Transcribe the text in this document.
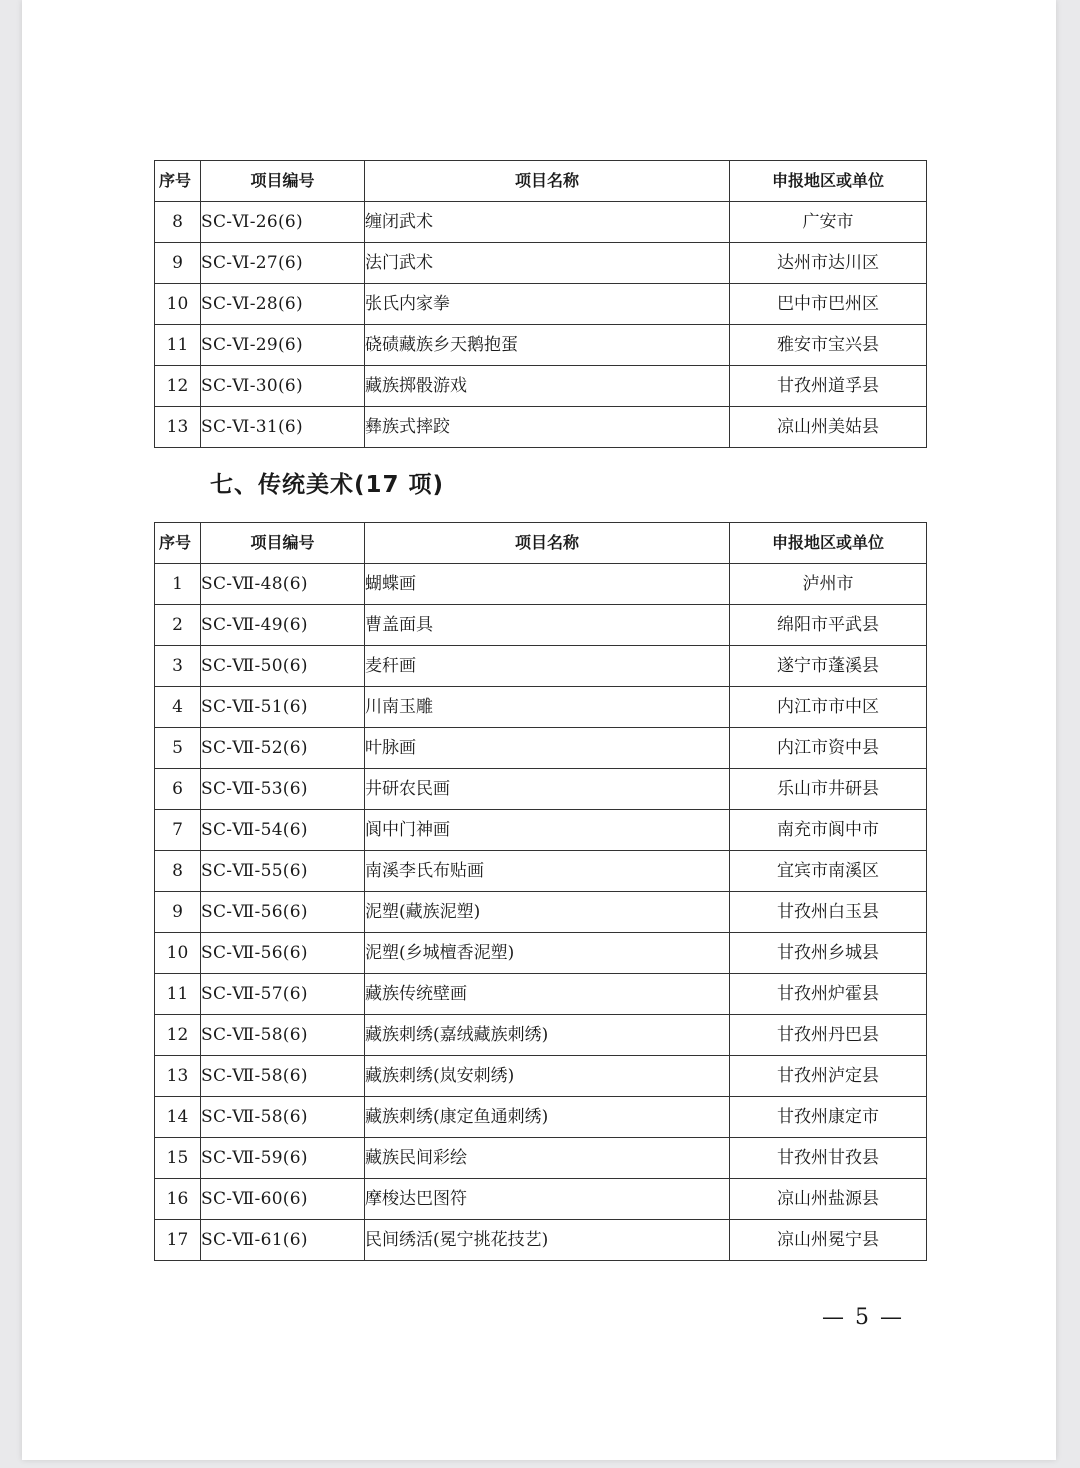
序号	项目编号	项目名称	申报地区或单位
8	SC-Ⅵ-26(6)	缠闭武术	广安市
9	SC-Ⅵ-27(6)	法门武术	达州市达川区
10	SC-Ⅵ-28(6)	张氏内家拳	巴中市巴州区
11	SC-Ⅵ-29(6)	硗碛藏族乡天鹅抱蛋	雅安市宝兴县
12	SC-Ⅵ-30(6)	藏族掷骰游戏	甘孜州道孚县
13	SC-Ⅵ-31(6)	彝族式摔跤	凉山州美姑县
七、传统美术(17 项)
序号	项目编号	项目名称	申报地区或单位
1	SC-Ⅶ-48(6)	蝴蝶画	泸州市
2	SC-Ⅶ-49(6)	曹盖面具	绵阳市平武县
3	SC-Ⅶ-50(6)	麦秆画	遂宁市蓬溪县
4	SC-Ⅶ-51(6)	川南玉雕	内江市市中区
5	SC-Ⅶ-52(6)	叶脉画	内江市资中县
6	SC-Ⅶ-53(6)	井研农民画	乐山市井研县
7	SC-Ⅶ-54(6)	阆中门神画	南充市阆中市
8	SC-Ⅶ-55(6)	南溪李氏布贴画	宜宾市南溪区
9	SC-Ⅶ-56(6)	泥塑(藏族泥塑)	甘孜州白玉县
10	SC-Ⅶ-56(6)	泥塑(乡城檀香泥塑)	甘孜州乡城县
11	SC-Ⅶ-57(6)	藏族传统壁画	甘孜州炉霍县
12	SC-Ⅶ-58(6)	藏族刺绣(嘉绒藏族刺绣)	甘孜州丹巴县
13	SC-Ⅶ-58(6)	藏族刺绣(岚安刺绣)	甘孜州泸定县
14	SC-Ⅶ-58(6)	藏族刺绣(康定鱼通刺绣)	甘孜州康定市
15	SC-Ⅶ-59(6)	藏族民间彩绘	甘孜州甘孜县
16	SC-Ⅶ-60(6)	摩梭达巴图符	凉山州盐源县
17	SC-Ⅶ-61(6)	民间绣活(冕宁挑花技艺)	凉山州冕宁县
— 5 —
